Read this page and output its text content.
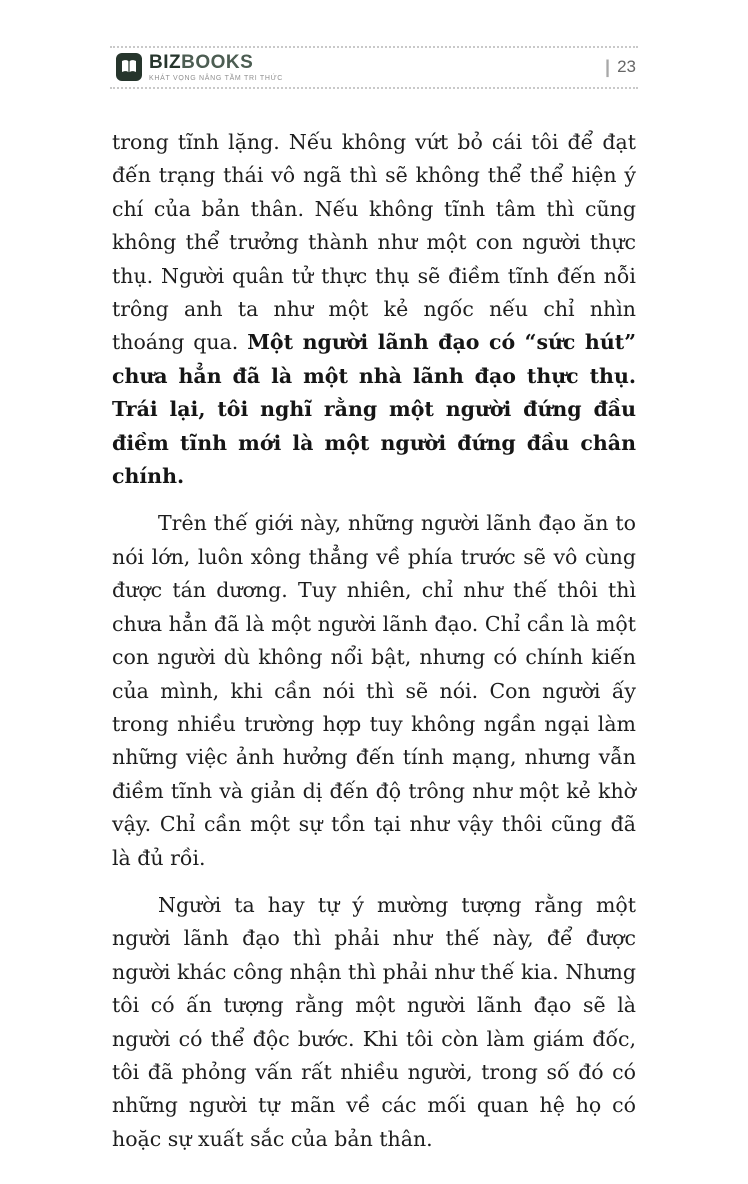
BIZBOOKS
KHÁT VỌNG NÂNG TẦM TRI THỨC
| 23

trong tĩnh lặng. Nếu không vứt bỏ cái tôi để đạt đến trạng thái vô ngã thì sẽ không thể thể hiện ý chí của bản thân. Nếu không tĩnh tâm thì cũng không thể trưởng thành như một con người thực thụ. Người quân tử thực thụ sẽ điềm tĩnh đến nỗi trông anh ta như một kẻ ngốc nếu chỉ nhìn thoáng qua. Một người lãnh đạo có “sức hút” chưa hẳn đã là một nhà lãnh đạo thực thụ. Trái lại, tôi nghĩ rằng một người đứng đầu điềm tĩnh mới là một người đứng đầu chân chính.

Trên thế giới này, những người lãnh đạo ăn to nói lớn, luôn xông thẳng về phía trước sẽ vô cùng được tán dương. Tuy nhiên, chỉ như thế thôi thì chưa hẳn đã là một người lãnh đạo. Chỉ cần là một con người dù không nổi bật, nhưng có chính kiến của mình, khi cần nói thì sẽ nói. Con người ấy trong nhiều trường hợp tuy không ngần ngại làm những việc ảnh hưởng đến tính mạng, nhưng vẫn điềm tĩnh và giản dị đến độ trông như một kẻ khờ vậy. Chỉ cần một sự tồn tại như vậy thôi cũng đã là đủ rồi.

Người ta hay tự ý mường tượng rằng một người lãnh đạo thì phải như thế này, để được người khác công nhận thì phải như thế kia. Nhưng tôi có ấn tượng rằng một người lãnh đạo sẽ là người có thể độc bước. Khi tôi còn làm giám đốc, tôi đã phỏng vấn rất nhiều người, trong số đó có những người tự mãn về các mối quan hệ họ có hoặc sự xuất sắc của bản thân.
